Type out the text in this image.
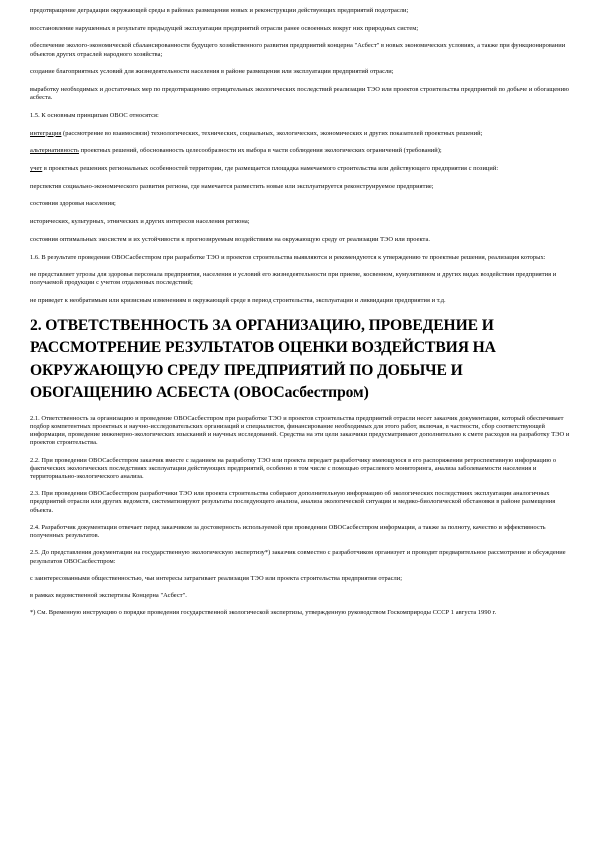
предотвращение деградации окружающей среды в районах размещения новых и реконструкции действующих предприятий подотрасли;

восстановление нарушенных в результате предыдущей эксплуатации предприятий отрасли ранее освоенных вокруг них природных систем;

обеспечение эколого-экономической сбалансированности будущего хозяйственного развития предприятий концерна "Асбест" в новых экономических условиях, а также при функционировании объектов других отраслей народного хозяйства;

создание благоприятных условий для жизнедеятельности населения в районе размещения или эксплуатации предприятий отрасли;

выработку необходимых и достаточных мер по предотвращению отрицательных экологических последствий реализации ТЭО или проектов строительства предприятий по добыче и обогащению асбеста.

1.5. К основным принципам ОВОС относятся:

интеграция (рассмотрение во взаимосвязи) технологических, технических, социальных, экологических, экономических и других показателей проектных решений;

альтернативность проектных решений, обоснованность целесообразности их выбора в части соблюдения экологических ограничений (требований);

учет в проектных решениях региональных особенностей территории, где размещается площадка намечаемого строительства или действующего предприятия с позиций:

перспектив социально-экономического развития региона, где намечается разместить новые или эксплуатируется реконструируемое предприятие;

состояния здоровья населения;

исторических, культурных, этнических и других интересов населения региона;

состояния оптимальных экосистем и их устойчивости к прогнозируемым воздействиям на окружающую среду от реализации ТЭО или проекта.

1.6. В результате проведения ОВОСасбестпром при разработке ТЭО и проектов строительства выявляются и рекомендуются к утверждению те проектные решения, реализация которых:

не представляет угрозы для здоровья персонала предприятия, населения и условий его жизнедеятельности при приеме, косвенном, кумулятивном и других видах воздействия предприятия и получаемой продукции с учетом отдаленных последствий;

не приведет к необратимым или кризисным изменениям в окружающей среде в период строительства, эксплуатации и ликвидации предприятия и т.д.

2. ОТВЕТСТВЕННОСТЬ ЗА ОРГАНИЗАЦИЮ, ПРОВЕДЕНИЕ И РАССМОТРЕНИЕ РЕЗУЛЬТАТОВ ОЦЕНКИ ВОЗДЕЙСТВИЯ НА ОКРУЖАЮЩУЮ СРЕДУ ПРЕДПРИЯТИЙ ПО ДОБЫЧЕ И ОБОГАЩЕНИЮ АСБЕСТА (ОВОСасбестпром)

2.1. Ответственность за организацию и проведение ОВОСасбестпром при разработке ТЭО и проектов строительства предприятий отрасли несет заказчик документации, который обеспечивает подбор компетентных проектных и научно-исследовательских организаций и специалистов, финансирование необходимых для этого работ, включая, в частности, сбор соответствующей информации, проведение инженерно-экологических изысканий и научных исследований. Средства на эти цели заказчики предусматривают дополнительно к смете расходов на разработку ТЭО и проектов строительства.

2.2. При проведении ОВОСасбестпром заказчик вместе с заданием на разработку ТЭО или проекта передает разработчику имеющуюся в его распоряжении ретроспективную информацию о фактических экологических последствиях эксплуатации действующих предприятий, особенно в том числе с помощью отраслевого мониторинга, анализа заболеваемости населения и территориально-экологического анализа.

2.3. При проведении ОВОСасбестпром разработчики ТЭО или проекта строительства собирают дополнительную информацию об экологических последствиях эксплуатации аналогичных предприятий отрасли или других ведомств, систематизируют результаты последующего анализа, анализа экологической ситуации и медико-биологической обстановки в районе размещения объекта.

2.4. Разработчик документации отвечает перед заказчиком за достоверность используемой при проведении ОВОСасбестпром информации, а также за полноту, качество и эффективность полученных результатов.

2.5. До представления документации на государственную экологическую экспертизу*) заказчик совместно с разработчиком организует и проводит предварительное рассмотрение и обсуждение результатов ОВОСасбестпром:

с заинтересованными общественностью, чьи интересы затрагивает реализация ТЭО или проекта строительства предприятия отрасли;

в рамках ведомственной экспертизы Концерна "Асбест".

*) См. Временную инструкцию о порядке проведения государственной экологической экспертизы, утвержденную руководством Госкомприроды СССР 1 августа 1990 г.
